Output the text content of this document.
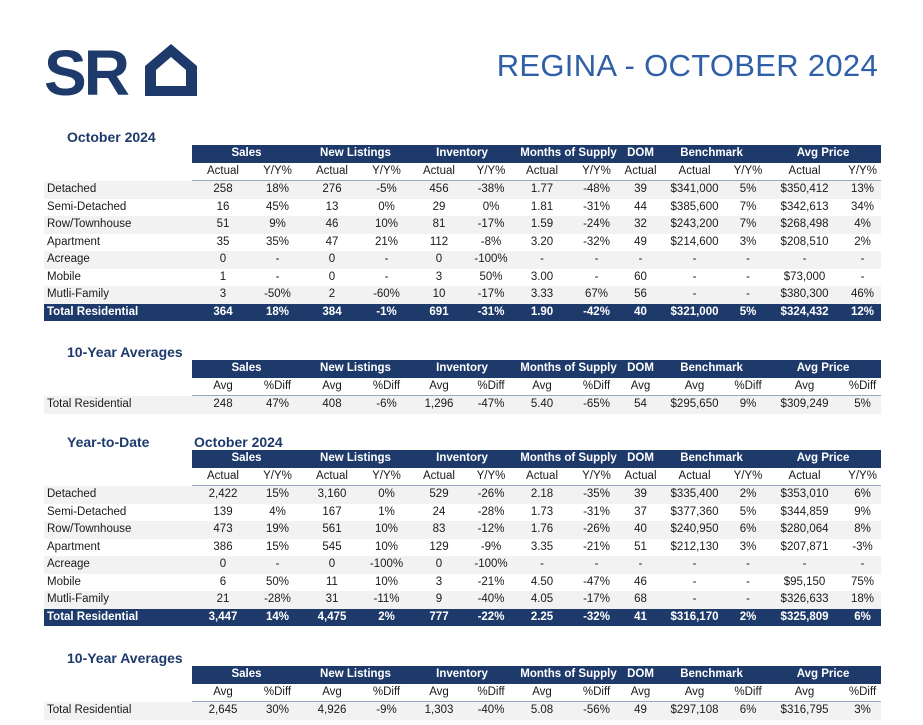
SR	REGINA - OCTOBER 2024
October 2024
10-Year Averages
Year-to-Date	October 2024
10-Year Averages
	Sales		New Listings		Inventory		Months of Supply		DOM	Benchmark		Avg Price	
	Actual	Y/Y%	Actual	Y/Y%	Actual	Y/Y%	Actual	Y/Y%	Actual	Actual	Y/Y%	Actual	Y/Y%
Detached	258	18%	276	-5%	456	-38%	1.77	-48%	39	$341,000	5%	$350,412	13%
Semi-Detached	16	45%	13	0%	29	0%	1.81	-31%	44	$385,600	7%	$342,613	34%
Row/Townhouse	51	9%	46	10%	81	-17%	1.59	-24%	32	$243,200	7%	$268,498	4%
Apartment	35	35%	47	21%	112	-8%	3.20	-32%	49	$214,600	3%	$208,510	2%
Acreage	0	-	0	-	0	-100%	-	-	-	-	-	-	-
Mobile	1	-	0	-	3	50%	3.00	-	60	-	-	$73,000	-
Mutli-Family	3	-50%	2	-60%	10	-17%	3.33	67%	56	-	-	$380,300	46%
Total Residential	364	18%	384	-1%	691	-31%	1.90	-42%	40	$321,000	5%	$324,432	12%
	Sales		New Listings		Inventory		Months of Supply		DOM	Benchmark		Avg Price	
	Avg	%Diff	Avg	%Diff	Avg	%Diff	Avg	%Diff	Avg	Avg	%Diff	Avg	%Diff
Total Residential	248	47%	408	-6%	1,296	-47%	5.40	-65%	54	$295,650	9%	$309,249	5%
	Sales		New Listings		Inventory		Months of Supply		DOM	Benchmark		Avg Price	
	Actual	Y/Y%	Actual	Y/Y%	Actual	Y/Y%	Actual	Y/Y%	Actual	Actual	Y/Y%	Actual	Y/Y%
Detached	2,422	15%	3,160	0%	529	-26%	2.18	-35%	39	$335,400	2%	$353,010	6%
Semi-Detached	139	4%	167	1%	24	-28%	1.73	-31%	37	$377,360	5%	$344,859	9%
Row/Townhouse	473	19%	561	10%	83	-12%	1.76	-26%	40	$240,950	6%	$280,064	8%
Apartment	386	15%	545	10%	129	-9%	3.35	-21%	51	$212,130	3%	$207,871	-3%
Acreage	0	-	0	-100%	0	-100%	-	-	-	-	-	-	-
Mobile	6	50%	11	10%	3	-21%	4.50	-47%	46	-	-	$95,150	75%
Mutli-Family	21	-28%	31	-11%	9	-40%	4.05	-17%	68	-	-	$326,633	18%
Total Residential	3,447	14%	4,475	2%	777	-22%	2.25	-32%	41	$316,170	2%	$325,809	6%
	Sales		New Listings		Inventory		Months of Supply		DOM	Benchmark		Avg Price	
	Avg	%Diff	Avg	%Diff	Avg	%Diff	Avg	%Diff	Avg	Avg	%Diff	Avg	%Diff
Total Residential	2,645	30%	4,926	-9%	1,303	-40%	5.08	-56%	49	$297,108	6%	$316,795	3%
